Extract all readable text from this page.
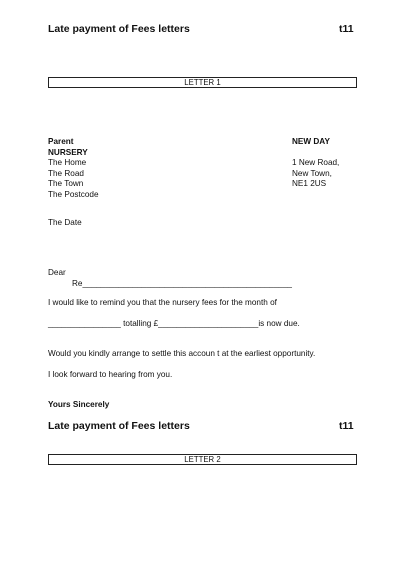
Late payment of Fees letters	t11
LETTER 1
Parent
NURSERY
The Home
The Road
The Town
The Postcode
NEW DAY
1 New Road,
New Town,
NE1 2US
The Date
Dear
Re______________________________________________
I would like to remind you that the nursery fees for the month of
________________ totalling £______________________is now due.
Would you kindly arrange to settle this accoun t at the earliest opportunity.
I look forward to hearing from you.
Yours Sincerely
Late payment of Fees letters	t11
LETTER 2
